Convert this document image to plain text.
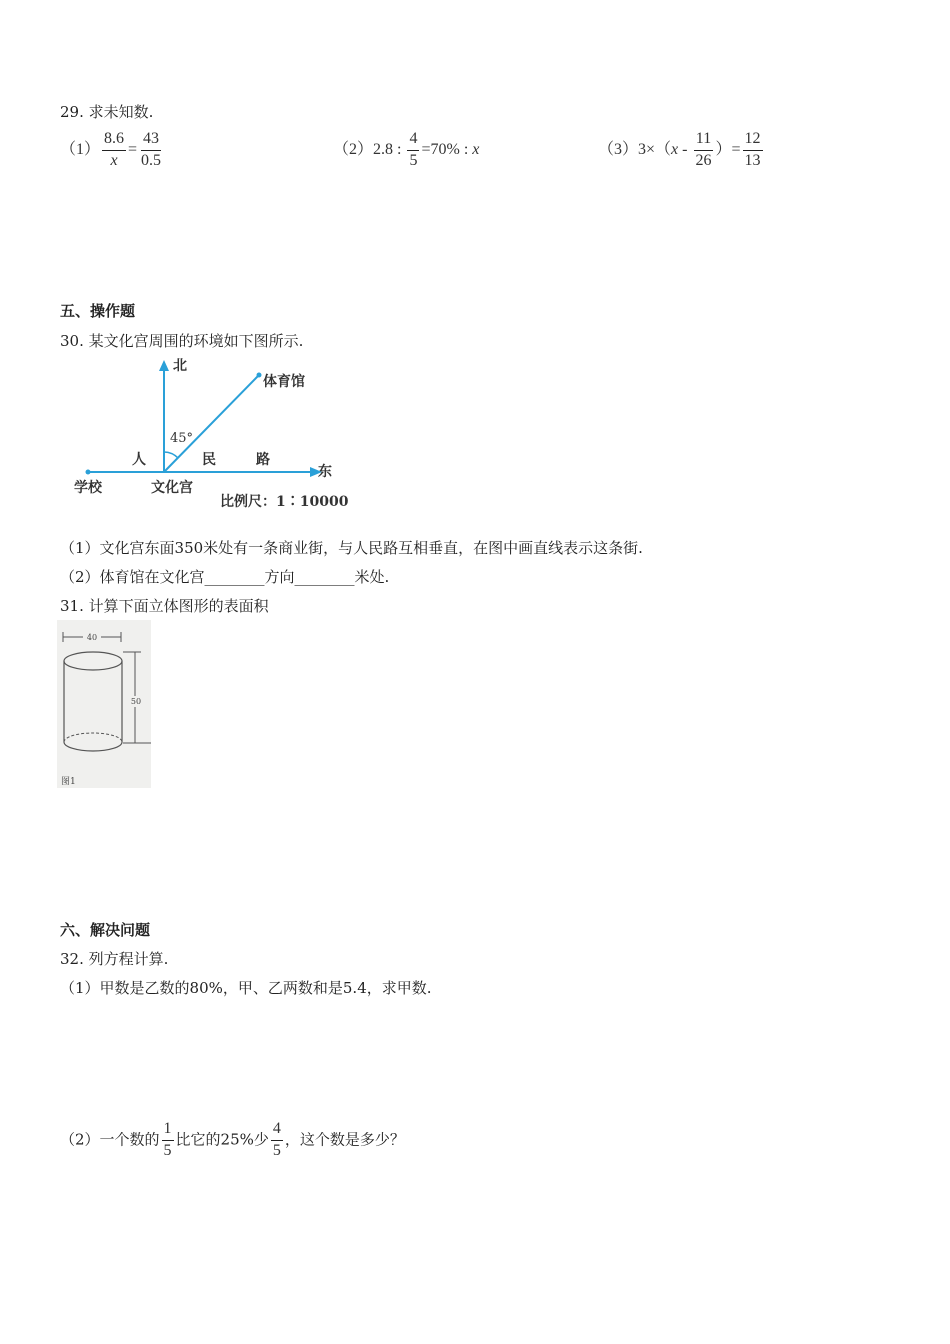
29. 求未知数.
$(1) \frac{8.6}{x} = \frac{43}{0.5}$	（2）2.8 : $\frac{4}{5} =70\%$ : x	$(3)3\times(x - \frac{11}{26}$ ）= $\frac{12}{13}$
五、操作题
30. 某文化宫周围的环境如下图所示.
北
体育馆
45°
人	民	路
东
学校	文化宫
比例尺：1∶10000
（1）文化宫东面350米处有一条商业街，与人民路互相垂直，在图中画直线表示这条街.
（2）体育馆在文化宫________方向________米处.
31. 计算下面立体图形的表面积
40
50
图1
六、解决问题
32. 列方程计算.
（1）甲数是乙数的80%，甲、乙两数和是5.4，求甲数.
（2）一个数的 $\frac{1}{5}$ 比它的25%少 $\frac{4}{5}$ ，这个数是多少？
